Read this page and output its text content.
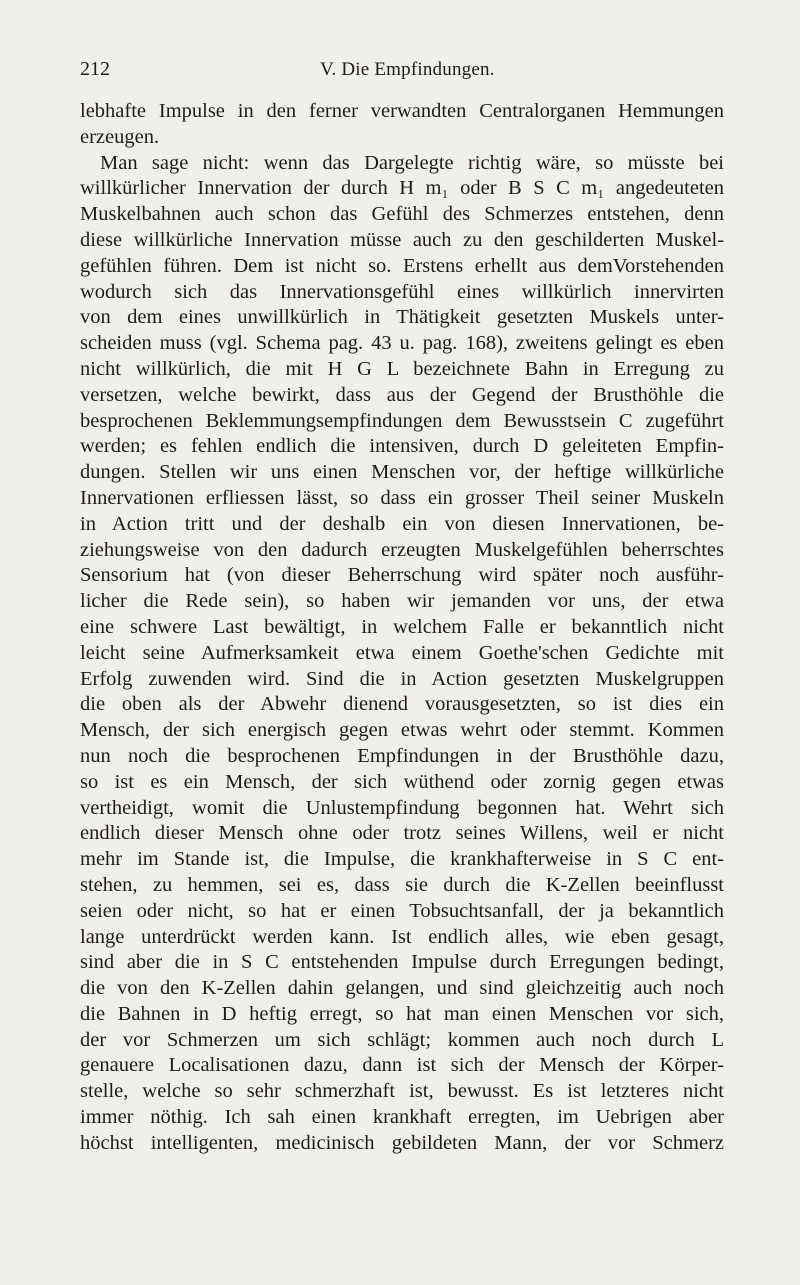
212	V. Die Empfindungen.
lebhafte Impulse in den ferner verwandten Centralorganen Hemmungen
erzeugen.
Man sage nicht: wenn das Dargelegte richtig wäre, so müsste bei
willkürlicher Innervation der durch H m₁ oder B S C m₁ angedeuteten
Muskelbahnen auch schon das Gefühl des Schmerzes entstehen, denn
diese willkürliche Innervation müsse auch zu den geschilderten Muskel-
gefühlen führen. Dem ist nicht so. Erstens erhellt aus demVorstehenden
wodurch sich das Innervationsgefühl eines willkürlich innervirten
von dem eines unwillkürlich in Thätigkeit gesetzten Muskels unter-
scheiden muss (vgl. Schema pag. 43 u. pag. 168), zweitens gelingt es eben
nicht willkürlich, die mit H G L bezeichnete Bahn in Erregung zu
versetzen, welche bewirkt, dass aus der Gegend der Brusthöhle die
besprochenen Beklemmungsempfindungen dem Bewusstsein C zugeführt
werden; es fehlen endlich die intensiven, durch D geleiteten Empfin-
dungen. Stellen wir uns einen Menschen vor, der heftige willkürliche
Innervationen erfliessen lässt, so dass ein grosser Theil seiner Muskeln
in Action tritt und der deshalb ein von diesen Innervationen, be-
ziehungsweise von den dadurch erzeugten Muskelgefühlen beherrschtes
Sensorium hat (von dieser Beherrschung wird später noch ausführ-
licher die Rede sein), so haben wir jemanden vor uns, der etwa
eine schwere Last bewältigt, in welchem Falle er bekanntlich nicht
leicht seine Aufmerksamkeit etwa einem Goethe'schen Gedichte mit
Erfolg zuwenden wird. Sind die in Action gesetzten Muskelgruppen
die oben als der Abwehr dienend vorausgesetzten, so ist dies ein
Mensch, der sich energisch gegen etwas wehrt oder stemmt. Kommen
nun noch die besprochenen Empfindungen in der Brusthöhle dazu,
so ist es ein Mensch, der sich wüthend oder zornig gegen etwas
vertheidigt, womit die Unlustempfindung begonnen hat. Wehrt sich
endlich dieser Mensch ohne oder trotz seines Willens, weil er nicht
mehr im Stande ist, die Impulse, die krankhafterweise in S C ent-
stehen, zu hemmen, sei es, dass sie durch die K-Zellen beeinflusst
seien oder nicht, so hat er einen Tobsuchtsanfall, der ja bekanntlich
lange unterdrückt werden kann. Ist endlich alles, wie eben gesagt,
sind aber die in S C entstehenden Impulse durch Erregungen bedingt,
die von den K-Zellen dahin gelangen, und sind gleichzeitig auch noch
die Bahnen in D heftig erregt, so hat man einen Menschen vor sich,
der vor Schmerzen um sich schlägt; kommen auch noch durch L
genauere Localisationen dazu, dann ist sich der Mensch der Körper-
stelle, welche so sehr schmerzhaft ist, bewusst. Es ist letzteres nicht
immer nöthig. Ich sah einen krankhaft erregten, im Uebrigen aber
höchst intelligenten, medicinisch gebildeten Mann, der vor Schmerz
